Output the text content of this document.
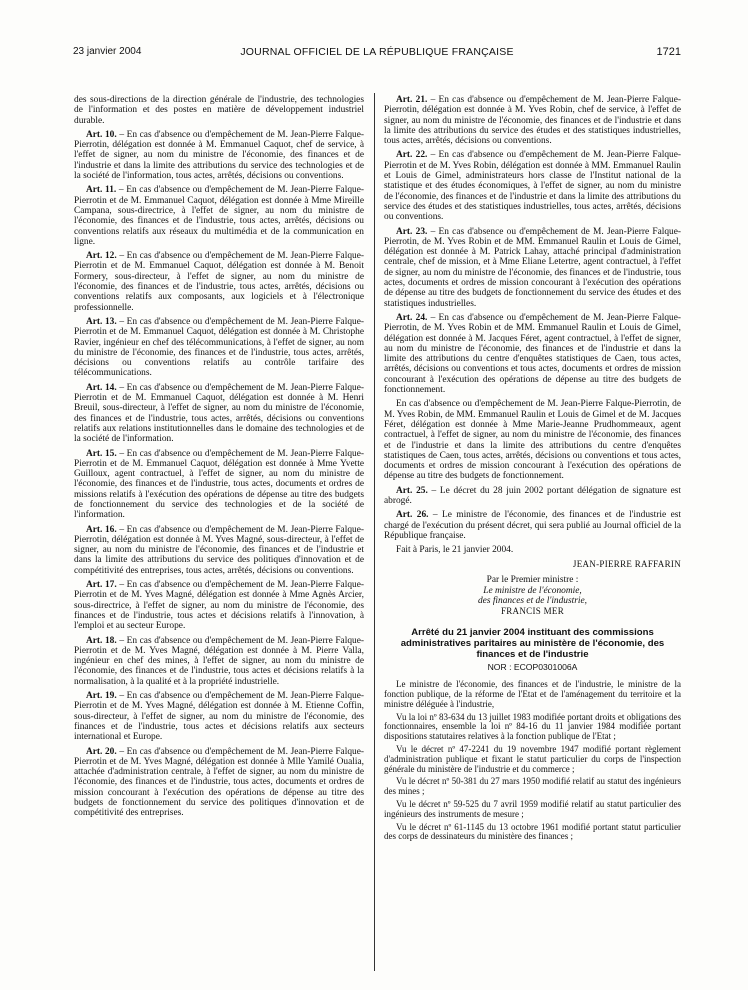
23 janvier 2004	JOURNAL OFFICIEL DE LA RÉPUBLIQUE FRANÇAISE	1721

des sous-directions de la direction générale de l'industrie, des technologies de l'information et des postes en matière de développement industriel durable.

Art. 10. – En cas d'absence ou d'empêchement de M. Jean-Pierre Falque-Pierrotin, délégation est donnée à M. Emmanuel Caquot, chef de service, à l'effet de signer, au nom du ministre de l'économie, des finances et de l'industrie et dans la limite des attributions du service des technologies et de la société de l'information, tous actes, arrêtés, décisions ou conventions.

Art. 11. – En cas d'absence ou d'empêchement de M. Jean-Pierre Falque-Pierrotin et de M. Emmanuel Caquot, délégation est donnée à Mme Mireille Campana, sous-directrice, à l'effet de signer, au nom du ministre de l'économie, des finances et de l'industrie, tous actes, arrêtés, décisions ou conventions relatifs aux réseaux du multimédia et de la communication en ligne.

Art. 12. – En cas d'absence ou d'empêchement de M. Jean-Pierre Falque-Pierrotin et de M. Emmanuel Caquot, délégation est donnée à M. Benoit Formery, sous-directeur, à l'effet de signer, au nom du ministre de l'économie, des finances et de l'industrie, tous actes, arrêtés, décisions ou conventions relatifs aux composants, aux logiciels et à l'électronique professionnelle.

Art. 13. – En cas d'absence ou d'empêchement de M. Jean-Pierre Falque-Pierrotin et de M. Emmanuel Caquot, délégation est donnée à M. Christophe Ravier, ingénieur en chef des télécommunications, à l'effet de signer, au nom du ministre de l'économie, des finances et de l'industrie, tous actes, arrêtés, décisions ou conventions relatifs au contrôle tarifaire des télécommunications.

Art. 14. – En cas d'absence ou d'empêchement de M. Jean-Pierre Falque-Pierrotin et de M. Emmanuel Caquot, délégation est donnée à M. Henri Breuil, sous-directeur, à l'effet de signer, au nom du ministre de l'économie, des finances et de l'industrie, tous actes, arrêtés, décisions ou conventions relatifs aux relations institutionnelles dans le domaine des technologies et de la société de l'information.

Art. 15. – En cas d'absence ou d'empêchement de M. Jean-Pierre Falque-Pierrotin et de M. Emmanuel Caquot, délégation est donnée à Mme Yvette Guilloux, agent contractuel, à l'effet de signer, au nom du ministre de l'économie, des finances et de l'industrie, tous actes, documents et ordres de missions relatifs à l'exécution des opérations de dépense au titre des budgets de fonctionnement du service des technologies et de la société de l'information.

Art. 16. – En cas d'absence ou d'empêchement de M. Jean-Pierre Falque-Pierrotin, délégation est donnée à M. Yves Magné, sous-directeur, à l'effet de signer, au nom du ministre de l'économie, des finances et de l'industrie et dans la limite des attributions du service des politiques d'innovation et de compétitivité des entreprises, tous actes, arrêtés, décisions ou conventions.

Art. 17. – En cas d'absence ou d'empêchement de M. Jean-Pierre Falque-Pierrotin et de M. Yves Magné, délégation est donnée à Mme Agnès Arcier, sous-directrice, à l'effet de signer, au nom du ministre de l'économie, des finances et de l'industrie, tous actes et décisions relatifs à l'innovation, à l'emploi et au secteur Europe.

Art. 18. – En cas d'absence ou d'empêchement de M. Jean-Pierre Falque-Pierrotin et de M. Yves Magné, délégation est donnée à M. Pierre Valla, ingénieur en chef des mines, à l'effet de signer, au nom du ministre de l'économie, des finances et de l'industrie, tous actes et décisions relatifs à la normalisation, à la qualité et à la propriété industrielle.

Art. 19. – En cas d'absence ou d'empêchement de M. Jean-Pierre Falque-Pierrotin et de M. Yves Magné, délégation est donnée à M. Etienne Coffin, sous-directeur, à l'effet de signer, au nom du ministre de l'économie, des finances et de l'industrie, tous actes et décisions relatifs aux secteurs international et Europe.

Art. 20. – En cas d'absence ou d'empêchement de M. Jean-Pierre Falque-Pierrotin et de M. Yves Magné, délégation est donnée à Mlle Yamilé Oualia, attachée d'administration centrale, à l'effet de signer, au nom du ministre de l'économie, des finances et de l'industrie, tous actes, documents et ordres de mission concourant à l'exécution des opérations de dépense au titre des budgets de fonctionnement du service des politiques d'innovation et de compétitivité des entreprises.

Art. 21. – En cas d'absence ou d'empêchement de M. Jean-Pierre Falque-Pierrotin, délégation est donnée à M. Yves Robin, chef de service, à l'effet de signer, au nom du ministre de l'économie, des finances et de l'industrie et dans la limite des attributions du service des études et des statistiques industrielles, tous actes, arrêtés, décisions ou conventions.

Art. 22. – En cas d'absence ou d'empêchement de M. Jean-Pierre Falque-Pierrotin et de M. Yves Robin, délégation est donnée à MM. Emmanuel Raulin et Louis de Gimel, administrateurs hors classe de l'Institut national de la statistique et des études économiques, à l'effet de signer, au nom du ministre de l'économie, des finances et de l'industrie et dans la limite des attributions du service des études et des statistiques industrielles, tous actes, arrêtés, décisions ou conventions.

Art. 23. – En cas d'absence ou d'empêchement de M. Jean-Pierre Falque-Pierrotin, de M. Yves Robin et de MM. Emmanuel Raulin et Louis de Gimel, délégation est donnée à M. Patrick Lahay, attaché principal d'administration centrale, chef de mission, et à Mme Eliane Letertre, agent contractuel, à l'effet de signer, au nom du ministre de l'économie, des finances et de l'industrie, tous actes, documents et ordres de mission concourant à l'exécution des opérations de dépense au titre des budgets de fonctionnement du service des études et des statistiques industrielles.

Art. 24. – En cas d'absence ou d'empêchement de M. Jean-Pierre Falque-Pierrotin, de M. Yves Robin et de MM. Emmanuel Raulin et Louis de Gimel, délégation est donnée à M. Jacques Féret, agent contractuel, à l'effet de signer, au nom du ministre de l'économie, des finances et de l'industrie et dans la limite des attributions du centre d'enquêtes statistiques de Caen, tous actes, arrêtés, décisions ou conventions et tous actes, documents et ordres de mission concourant à l'exécution des opérations de dépense au titre des budgets de fonctionnement.

En cas d'absence ou d'empêchement de M. Jean-Pierre Falque-Pierrotin, de M. Yves Robin, de MM. Emmanuel Raulin et Louis de Gimel et de M. Jacques Féret, délégation est donnée à Mme Marie-Jeanne Prudhommeaux, agent contractuel, à l'effet de signer, au nom du ministre de l'économie, des finances et de l'industrie et dans la limite des attributions du centre d'enquêtes statistiques de Caen, tous actes, arrêtés, décisions ou conventions et tous actes, documents et ordres de mission concourant à l'exécution des opérations de dépense au titre des budgets de fonctionnement.

Art. 25. – Le décret du 28 juin 2002 portant délégation de signature est abrogé.

Art. 26. – Le ministre de l'économie, des finances et de l'industrie est chargé de l'exécution du présent décret, qui sera publié au Journal officiel de la République française.

Fait à Paris, le 21 janvier 2004.

JEAN-PIERRE RAFFARIN
Par le Premier ministre :
Le ministre de l'économie,
des finances et de l'industrie,
FRANCIS MER
Arrêté du 21 janvier 2004 instituant des commissions administratives paritaires au ministère de l'économie, des finances et de l'industrie
NOR : ECOP0301006A

Le ministre de l'économie, des finances et de l'industrie, le ministre de la fonction publique, de la réforme de l'Etat et de l'aménagement du territoire et la ministre déléguée à l'industrie,

Vu la loi nº 83-634 du 13 juillet 1983 modifiée portant droits et obligations des fonctionnaires, ensemble la loi nº 84-16 du 11 janvier 1984 modifiée portant dispositions statutaires relatives à la fonction publique de l'Etat ;

Vu le décret nº 47-2241 du 19 novembre 1947 modifié portant règlement d'administration publique et fixant le statut particulier du corps de l'inspection générale du ministère de l'industrie et du commerce ;

Vu le décret nº 50-381 du 27 mars 1950 modifié relatif au statut des ingénieurs des mines ;

Vu le décret nº 59-525 du 7 avril 1959 modifié relatif au statut particulier des ingénieurs des instruments de mesure ;

Vu le décret nº 61-1145 du 13 octobre 1961 modifié portant statut particulier des corps de dessinateurs du ministère des finances ;
